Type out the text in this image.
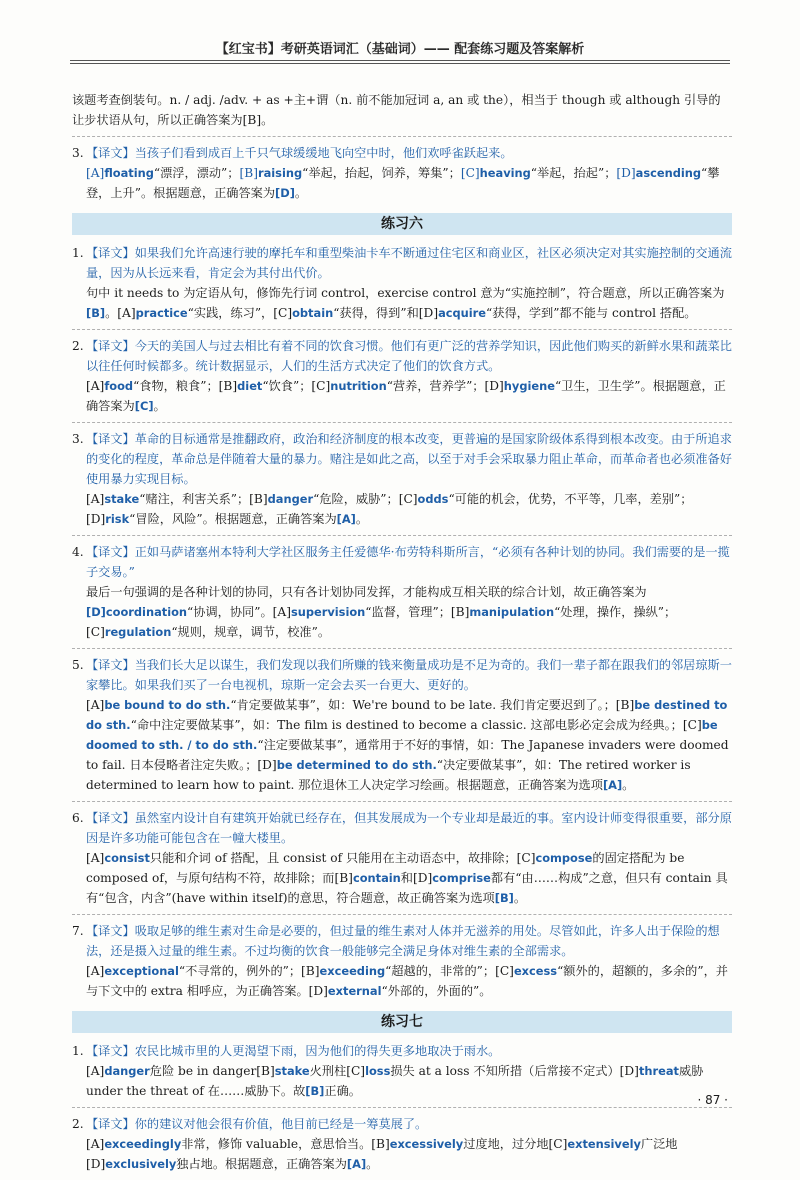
【红宝书】考研英语词汇（基础词）—— 配套练习题及答案解析
该题考查倒装句。n. / adj. /adv. + as +主+谓（n. 前不能加冠词 a, an 或 the），相当于 though 或 although 引导的让步状语从句，所以正确答案为[B]。
3. 【译文】当孩子们看到成百上千只气球缓缓地飞向空中时，他们欢呼雀跃起来。
[A]floating“漂浮，漂动”；[B]raising“举起，抬起，饲养，筹集”；[C]heaving“举起，抬起”；[D]ascending“攀登，上升”。根据题意，正确答案为[D]。
练习六
1. 【译文】如果我们允许高速行驶的摩托车和重型柴油卡车不断通过住宅区和商业区，社区必须决定对其实施控制的交通流量，因为从长远来看，肯定会为其付出代价。
句中 it needs to 为定语从句，修饰先行词 control，exercise control 意为“实施控制”，符合题意，所以正确答案为[B]。[A]practice“实践，练习”，[C]obtain“获得，得到”和[D]acquire“获得，学到”都不能与 control 搭配。
2. 【译文】今天的美国人与过去相比有着不同的饮食习惯。他们有更广泛的营养学知识，因此他们购买的新鲜水果和蔬菜比以往任何时候都多。统计数据显示，人们的生活方式决定了他们的饮食方式。
[A]food“食物，粮食”；[B]diet“饮食”；[C]nutrition“营养，营养学”；[D]hygiene“卫生，卫生学”。根据题意，正确答案为[C]。
3. 【译文】革命的目标通常是推翻政府，政治和经济制度的根本改变，更普遍的是国家阶级体系得到根本改变。由于所追求的变化的程度，革命总是伴随着大量的暴力。赌注是如此之高，以至于对手会采取暴力阻止革命，而革命者也必须准备好使用暴力实现目标。
[A]stake“赌注，利害关系”；[B]danger“危险，威胁”；[C]odds“可能的机会，优势，不平等，几率，差别”；[D]risk“冒险，风险”。根据题意，正确答案为[A]。
4. 【译文】正如马萨诸塞州本特利大学社区服务主任爱德华·布劳特科斯所言，“必须有各种计划的协同。我们需要的是一揽子交易。”
最后一句强调的是各种计划的协同，只有各计划协同发挥，才能构成互相关联的综合计划，故正确答案为[D]coordination“协调，协同”。[A]supervision“监督，管理”；[B]manipulation“处理，操作，操纵”；[C]regulation“规则，规章，调节，校准”。
5. 【译文】当我们长大足以谋生，我们发现以我们所赚的钱来衡量成功是不足为奇的。我们一辈子都在跟我们的邻居琼斯一家攀比。如果我们买了一台电视机，琼斯一定会去买一台更大、更好的。
[A]be bound to do sth.“肯定要做某事”，如：We're bound to be late. 我们肯定要迟到了。；[B]be destined to do sth.“命中注定要做某事”，如：The film is destined to become a classic. 这部电影必定会成为经典。；[C]be doomed to sth. / to do sth.“注定要做某事”，通常用于不好的事情，如：The Japanese invaders were doomed to fail. 日本侵略者注定失败。；[D]be determined to do sth.“决定要做某事”，如：The retired worker is determined to learn how to paint. 那位退休工人决定学习绘画。根据题意，正确答案为选项[A]。
6. 【译文】虽然室内设计自有建筑开始就已经存在，但其发展成为一个专业却是最近的事。室内设计师变得很重要，部分原因是许多功能可能包含在一幢大楼里。
[A]consist只能和介词 of 搭配，且 consist of 只能用在主动语态中，故排除；[C]compose的固定搭配为 be composed of，与原句结构不符，故排除；而[B]contain和[D]comprise都有“由……构成”之意，但只有 contain 具有“包含，内含”(have within itself)的意思，符合题意，故正确答案为选项[B]。
7. 【译文】吸取足够的维生素对生命是必要的，但过量的维生素对人体并无滋养的用处。尽管如此，许多人出于保险的想法，还是摄入过量的维生素。不过均衡的饮食一般能够完全满足身体对维生素的全部需求。
[A]exceptional“不寻常的，例外的”；[B]exceeding“超越的，非常的”；[C]excess“额外的，超额的，多余的”，并与下文中的 extra 相呼应，为正确答案。[D]external“外部的，外面的”。
练习七
1. 【译文】农民比城市里的人更渴望下雨，因为他们的得失更多地取决于雨水。
[A]danger危险 be in danger[B]stake火刑柱[C]loss损失 at a loss 不知所措（后常接不定式）[D]threat威胁 under the threat of 在……威胁下。故[B]正确。
2. 【译文】你的建议对他会很有价值，他目前已经是一筹莫展了。
[A]exceedingly非常，修饰 valuable，意思恰当。[B]excessively过度地，过分地[C]extensively广泛地[D]exclusively独占地。根据题意，正确答案为[A]。
· 87 ·
